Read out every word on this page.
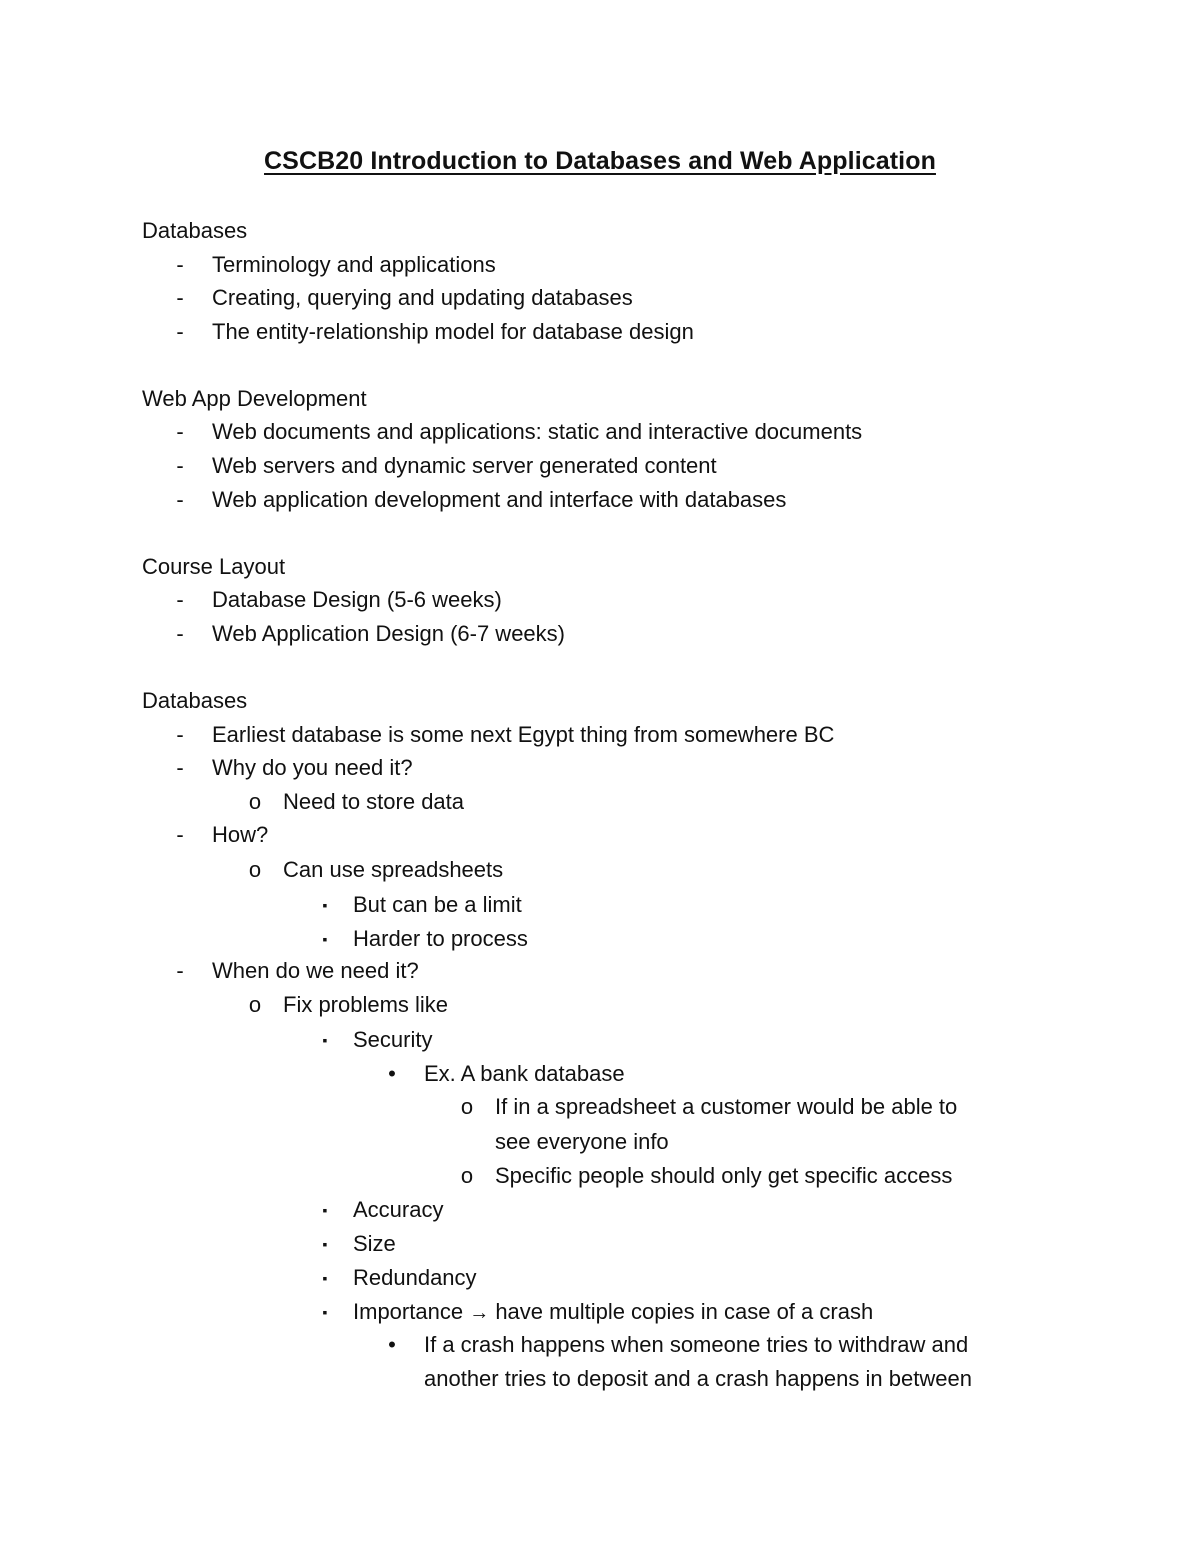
CSCB20 Introduction to Databases and Web Application
Databases
-	Terminology and applications
-	Creating, querying and updating databases
-	The entity-relationship model for database design
Web App Development
-	Web documents and applications: static and interactive documents
-	Web servers and dynamic server generated content
-	Web application development and interface with databases
Course Layout
-	Database Design (5-6 weeks)
-	Web Application Design (6-7 weeks)
Databases
-	Earliest database is some next Egypt thing from somewhere BC
-	Why do you need it?
o Need to store data
-	How?
o Can use spreadsheets
▪	But can be a limit
▪	Harder to process
-	When do we need it?
o Fix problems like
▪	Security
•	Ex. A bank database
o If in a spreadsheet a customer would be able to
see everyone info
o Specific people should only get specific access
▪	Accuracy
▪	Size
▪	Redundancy
▪	Importance → have multiple copies in case of a crash
•	If a crash happens when someone tries to withdraw and
another tries to deposit and a crash happens in between
